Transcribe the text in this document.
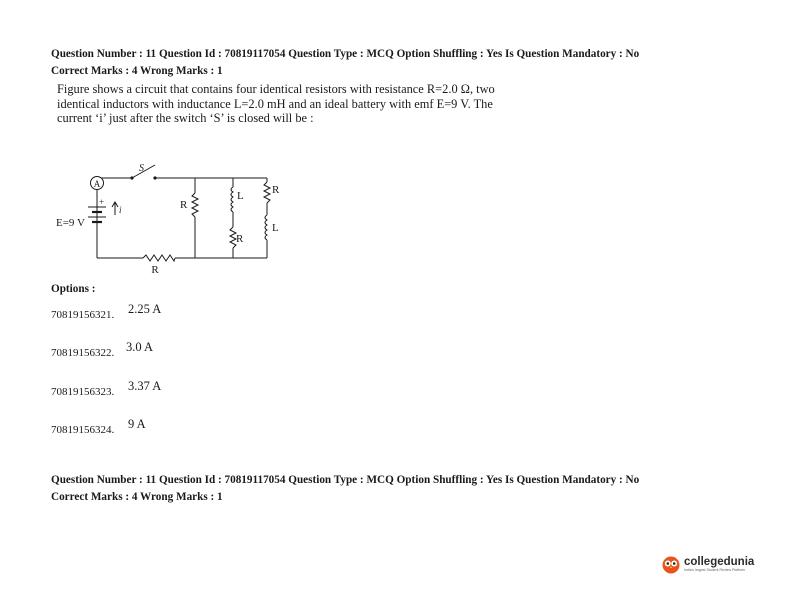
Question Number : 11 Question Id : 70819117054 Question Type : MCQ Option Shuffling : Yes Is Question Mandatory : No
Correct Marks : 4 Wrong Marks : 1
Figure shows a circuit that contains four identical resistors with resistance R=2.0 Ω, two
identical inductors with inductance L=2.0 mH and an ideal battery with emf E=9 V. The
current ‘i’ just after the switch ‘S’ is closed will be :
A
S
i
+
E=9 V
R
R
L
R
R
L
Options :
70819156321. 2.25 A
70819156322. 3.0 A
70819156323. 3.37 A
70819156324. 9 A
Question Number : 11 Question Id : 70819117054 Question Type : MCQ Option Shuffling : Yes Is Question Mandatory : No
Correct Marks : 4 Wrong Marks : 1
collegedunia
India's largest Student Review Platform
